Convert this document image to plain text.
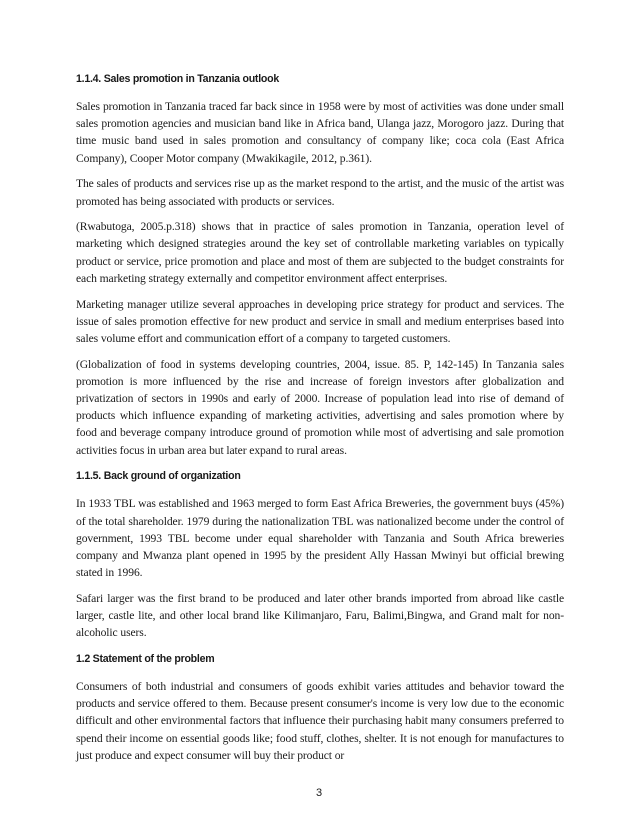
1.1.4. Sales promotion in Tanzania outlook

Sales promotion in Tanzania traced far back since in 1958 were by most of activities was done under small sales promotion agencies and musician band like in Africa band, Ulanga jazz, Morogoro jazz. During that time music band used in sales promotion and consultancy of company like; coca cola (East Africa Company), Cooper Motor company (Mwakikagile, 2012, p.361).

The sales of products and services rise up as the market respond to the artist, and the music of the artist was promoted has being associated with products or services.

(Rwabutoga, 2005.p.318) shows that in practice of sales promotion in Tanzania, operation level of marketing which designed strategies around the key set of controllable marketing variables on typically product or service, price promotion and place and most of them are subjected to the budget constraints for each marketing strategy externally and competitor environment affect enterprises.

Marketing manager utilize several approaches in developing price strategy for product and services. The issue of sales promotion effective for new product and service in small and medium enterprises based into sales volume effort and communication effort of a company to targeted customers.

(Globalization of food in systems developing countries, 2004, issue. 85. P, 142-145) In Tanzania sales promotion is more influenced by the rise and increase of foreign investors after globalization and privatization of sectors in 1990s and early of 2000. Increase of population lead into rise of demand of products which influence expanding of marketing activities, advertising and sales promotion where by food and beverage company introduce ground of promotion while most of advertising and sale promotion activities focus in urban area but later expand to rural areas.

1.1.5. Back ground of organization

In 1933 TBL was established and 1963 merged to form East Africa Breweries, the government buys (45%) of the total shareholder. 1979 during the nationalization TBL was nationalized become under the control of government, 1993 TBL become under equal shareholder with Tanzania and South Africa breweries company and Mwanza plant opened in 1995 by the president Ally Hassan Mwinyi but official brewing stated in 1996.

Safari larger was the first brand to be produced and later other brands imported from abroad like castle larger, castle lite, and other local brand like Kilimanjaro, Faru, Balimi,Bingwa, and Grand malt for non-alcoholic users.

1.2 Statement of the problem

Consumers of both industrial and consumers of goods exhibit varies attitudes and behavior toward the products and service offered to them. Because present consumer's income is very low due to the economic difficult and other environmental factors that influence their purchasing habit many consumers preferred to spend their income on essential goods like; food stuff, clothes, shelter. It is not enough for manufactures to just produce and expect consumer will buy their product or

3
